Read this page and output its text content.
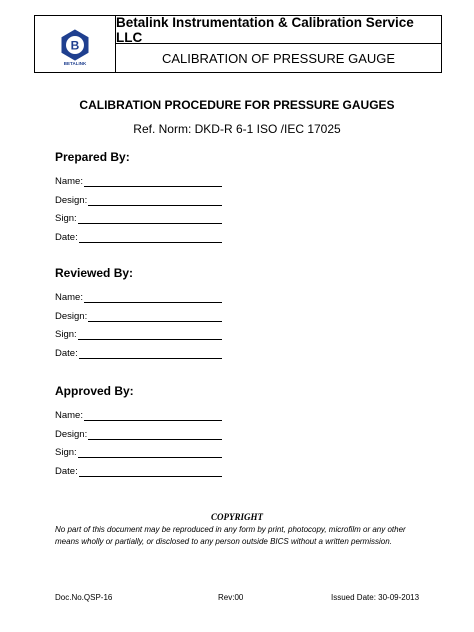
B
BETALINK
Betalink Instrumentation & Calibration Service LLC
CALIBRATION OF PRESSURE GAUGE
CALIBRATION PROCEDURE FOR PRESSURE GAUGES
Ref. Norm: DKD-R 6-1 ISO /IEC 17025
Prepared By:
Name:
Design:
Sign:
Date:
Reviewed By:
Name:
Design:
Sign:
Date:
Approved By:
Name:
Design:
Sign:
Date:
COPYRIGHT
No part of this document may be reproduced in any form by print, photocopy, microfilm or any other means wholly or partially, or disclosed to any person outside BICS without a written permission.
Doc.No.QSP-16	Rev:00	Issued Date: 30-09-2013
